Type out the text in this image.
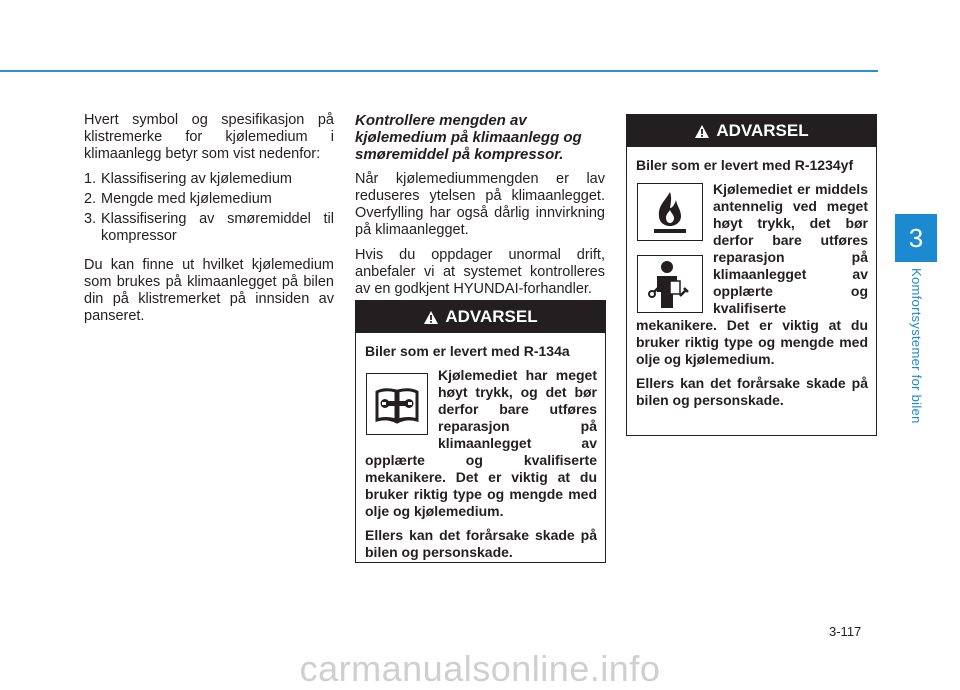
3
Komfortsystemer for bilen

Hvert symbol og spesifikasjon på klistremerke for kjølemedium i klimaanlegg betyr som vist nedenfor:

1. Klassifisering av kjølemedium
2. Mengde med kjølemedium
3. Klassifisering av smøremiddel til kompressor

Du kan finne ut hvilket kjølemedium som brukes på klimaanlegget på bilen din på klistremerket på innsiden av panseret.

Kontrollere mengden av kjølemedium på klimaanlegg og smøremiddel på kompressor.

Når kjølemediummengden er lav reduseres ytelsen på klimaanlegget. Overfylling har også dårlig innvirkning på klimaanlegget.

Hvis du oppdager unormal drift, anbefaler vi at systemet kontrolleres av en godkjent HYUNDAI-forhandler.

ADVARSEL

Biler som er levert med R-134a

Kjølemediet har meget høyt trykk, og det bør derfor bare utføres reparasjon på klimaanlegget av opplærte og kvalifiserte mekanikere. Det er viktig at du bruker riktig type og mengde med olje og kjølemedium.

Ellers kan det forårsake skade på bilen og personskade.

ADVARSEL

Biler som er levert med R-1234yf

Kjølemediet er middels antennelig ved meget høyt trykk, det bør derfor bare utføres reparasjon på klimaanlegget av opplærte og kvalifiserte mekanikere. Det er viktig at du bruker riktig type og mengde med olje og kjølemedium.

Ellers kan det forårsake skade på bilen og personskade.

3-117
carmanualsonline.info
